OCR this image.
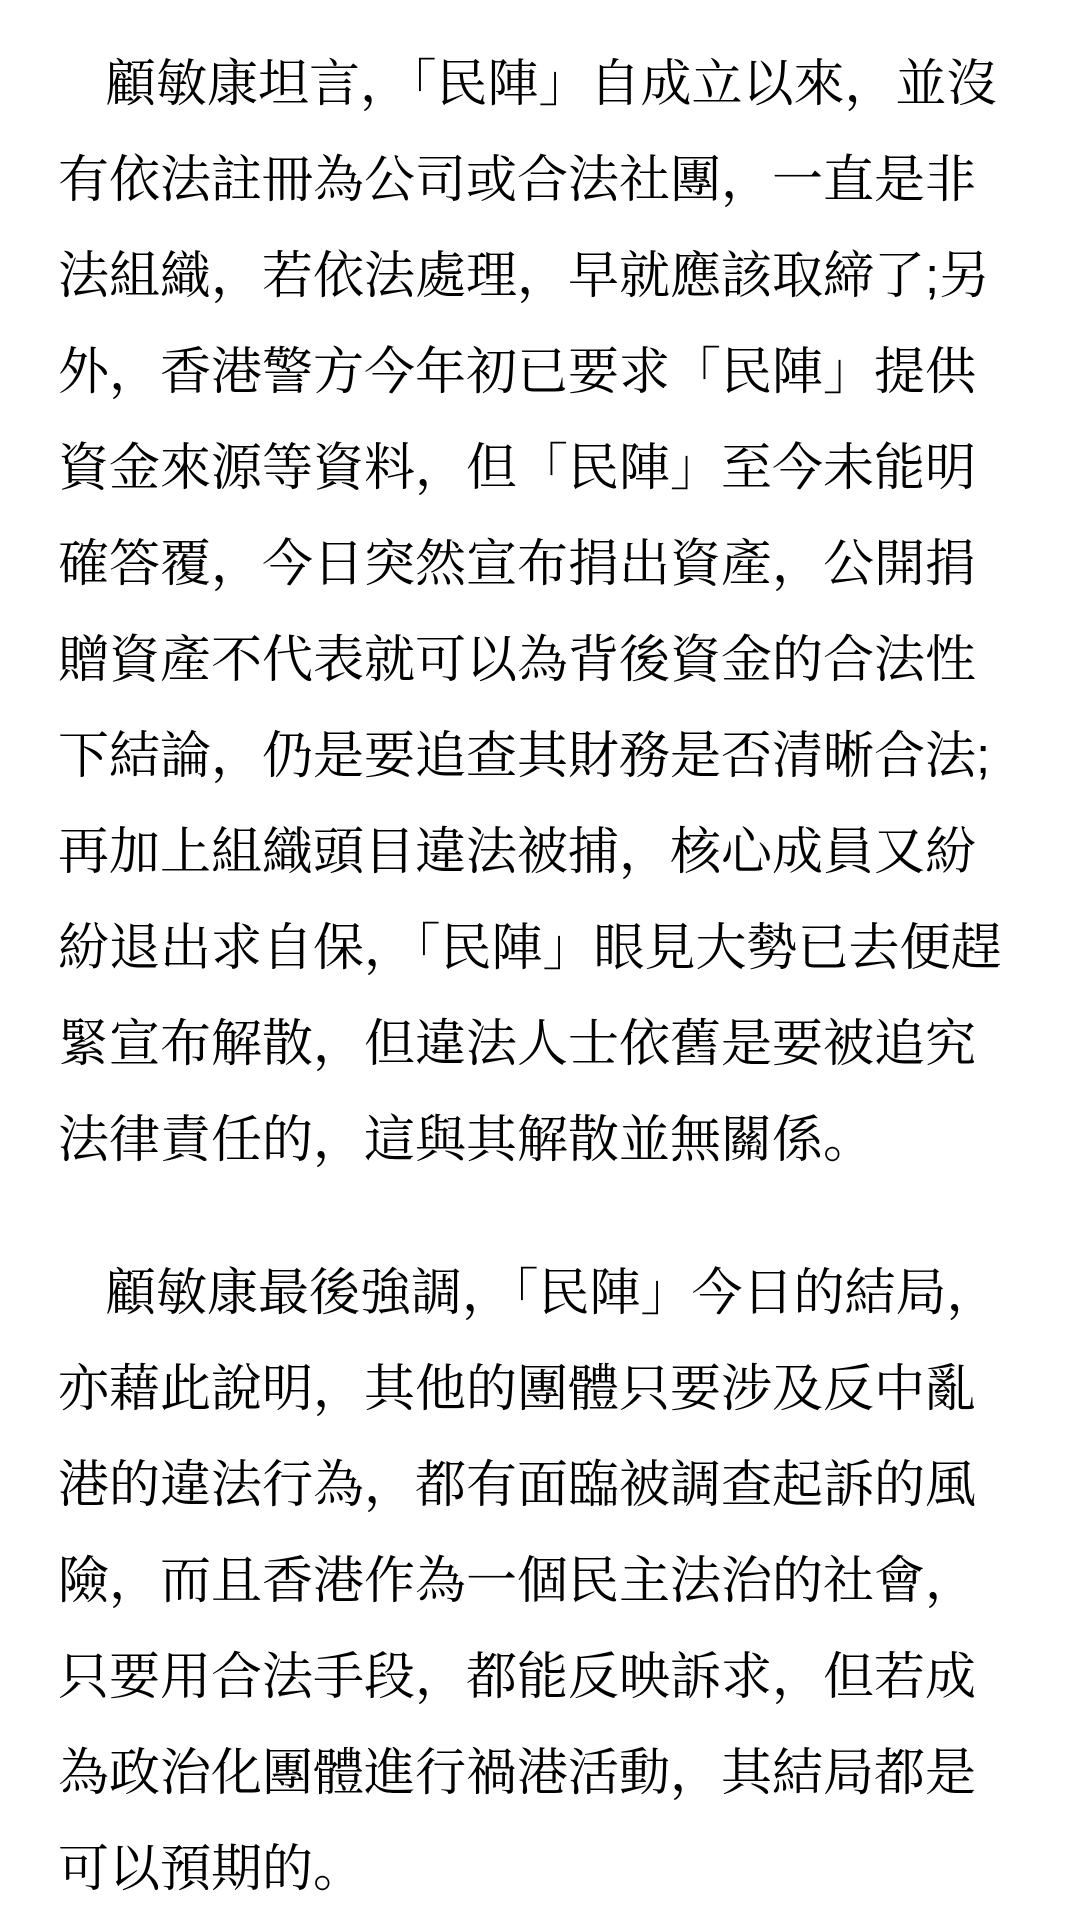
顧敏康坦言，「民陣」自成立以來，並沒有依法註冊為公司或合法社團，一直是非法組織，若依法處理，早就應該取締了;另外，香港警方今年初已要求「民陣」提供資金來源等資料，但「民陣」至今未能明確答覆，今日突然宣布捐出資產，公開捐贈資產不代表就可以為背後資金的合法性下結論，仍是要追查其財務是否清晰合法;再加上組織頭目違法被捕，核心成員又紛紛退出求自保，「民陣」眼見大勢已去便趕緊宣布解散，但違法人士依舊是要被追究法律責任的，這與其解散並無關係。

顧敏康最後強調，「民陣」今日的結局，亦藉此說明，其他的團體只要涉及反中亂港的違法行為，都有面臨被調查起訴的風險，而且香港作為一個民主法治的社會，只要用合法手段，都能反映訴求，但若成為政治化團體進行禍港活動，其結局都是可以預期的。
